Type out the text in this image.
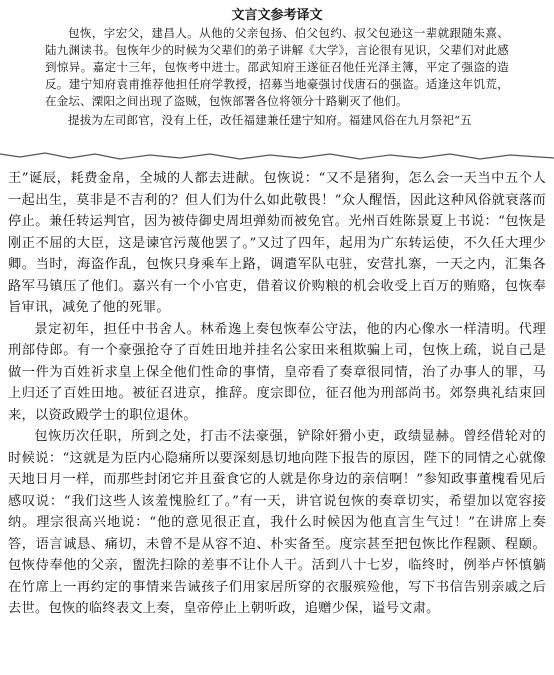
文言文参考译文
包恢，字宏父，建昌人。从他的父亲包扬、伯父包约、叔父包逊这一辈就跟随朱熹、陆九渊读书。包恢年少的时候为父辈们的弟子讲解《大学》，言论很有见识，父辈们对此感到惊异。嘉定十三年，包恢考中进士。邵武知府王遂征召他任光泽主簿，平定了强盗的造反。建宁知府袁甫推荐他担任府学教授，招募当地豪强讨伐唐石的强盗。适逢这年饥荒，在金坛、溧阳之间出现了盗贼，包恢部署各位将领分十路剿灭了他们。
提拔为左司郎官，没有上任，改任福建兼任建宁知府。福建风俗在九月祭祀“五
王”诞辰，耗费金帛，全城的人都去进献。包恢说：“又不是猪狗，怎么会一天当中五个人一起出生，莫非是不吉利的？但人们为什么如此敬畏！”众人醒悟，因此这种风俗就衰落而停止。兼任转运判官，因为被侍御史周坦弹劾而被免官。光州百姓陈景夏上书说：“包恢是刚正不屈的大臣，这是谏官污蔑他罢了。”又过了四年，起用为广东转运使，不久任大理少卿。当时，海盗作乱，包恢只身乘车上路，调遣军队屯驻，安营扎寨，一天之内，汇集各路军马镇压了他们。嘉兴有一个小官吏，借着议价购粮的机会收受上百万的贿赂，包恢奉旨审讯，减免了他的死罪。
景定初年，担任中书舍人。林希逸上奏包恢奉公守法，他的内心像水一样清明。代理刑部侍郎。有一个豪强抢夺了百姓田地并挂名公家田来租欺骗上司，包恢上疏，说自己是做一件为百姓祈求皇上保全他们性命的事情，皇帝看了奏章很同情，治了办事人的罪，马上归还了百姓田地。被征召进京，推辞。度宗即位，征召他为刑部尚书。郊祭典礼结束回来，以资政殿学士的职位退休。
包恢历次任职，所到之处，打击不法豪强，铲除奸猾小吏，政绩显赫。曾经借轮对的时候说：“这就是为臣内心隐痛所以要深刻恳切地向陛下报告的原因，陛下的同情之心就像天地日月一样，而那些封闭它并且蚕食它的人就是你身边的亲信啊！”参知政事董槐看见后感叹说：“我们这些人该羞愧脸红了。”有一天，讲官说包恢的奏章切实，希望加以宽容接纳。理宗很高兴地说：“他的意见很正直，我什么时候因为他直言生气过！”在讲席上奏答，语言诚恳、痛切，未曾不是从容不迫、朴实备至。度宗甚至把包恢比作程颢、程颐。包恢侍奉他的父亲，盥洗扫除的差事不让仆人干。活到八十七岁，临终时，例举卢怀慎躺在竹席上一再约定的事情来告诫孩子们用家居所穿的衣服殡殓他，写下书信告别亲戚之后去世。包恢的临终表文上奏，皇帝停止上朝听政，追赠少保，谥号文肃。
